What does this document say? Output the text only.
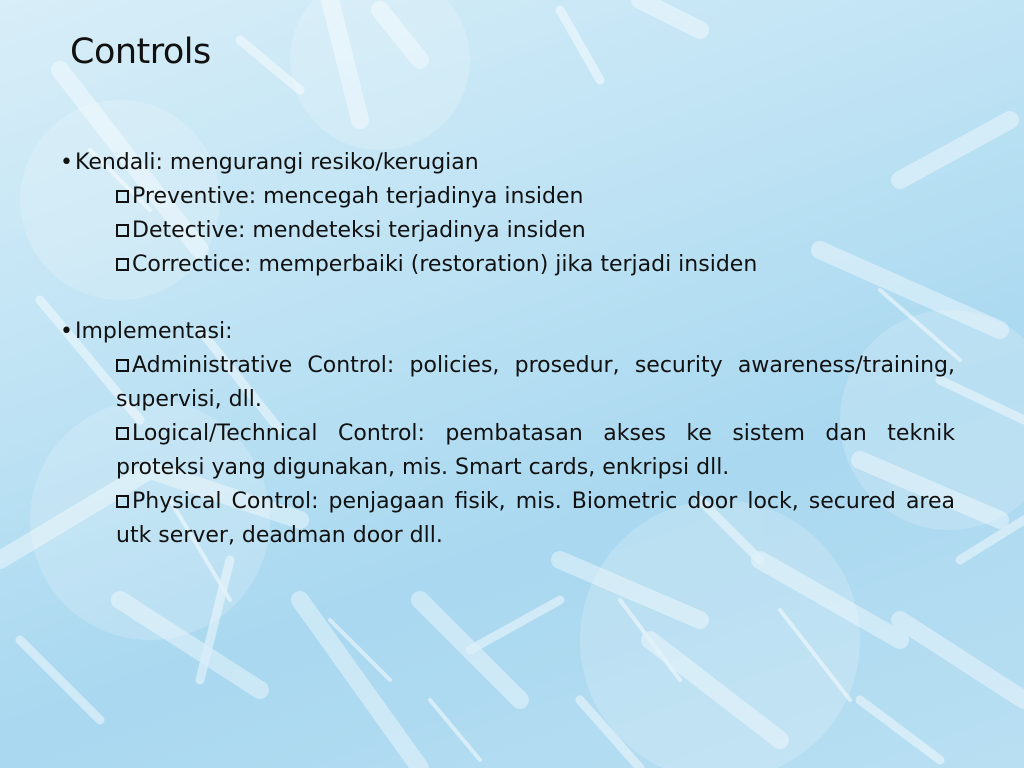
Controls
•Kendali: mengurangi resiko/kerugian
Preventive: mencegah terjadinya insiden
Detective: mendeteksi terjadinya insiden
Correctice: memperbaiki (restoration) jika terjadi insiden
•Implementasi:
Administrative Control: policies, prosedur, security awareness/training, supervisi, dll.
Logical/Technical Control: pembatasan akses ke sistem dan teknik proteksi yang digunakan, mis. Smart cards, enkripsi dll.
Physical Control: penjagaan fisik, mis. Biometric door lock, secured area utk server, deadman door dll.
